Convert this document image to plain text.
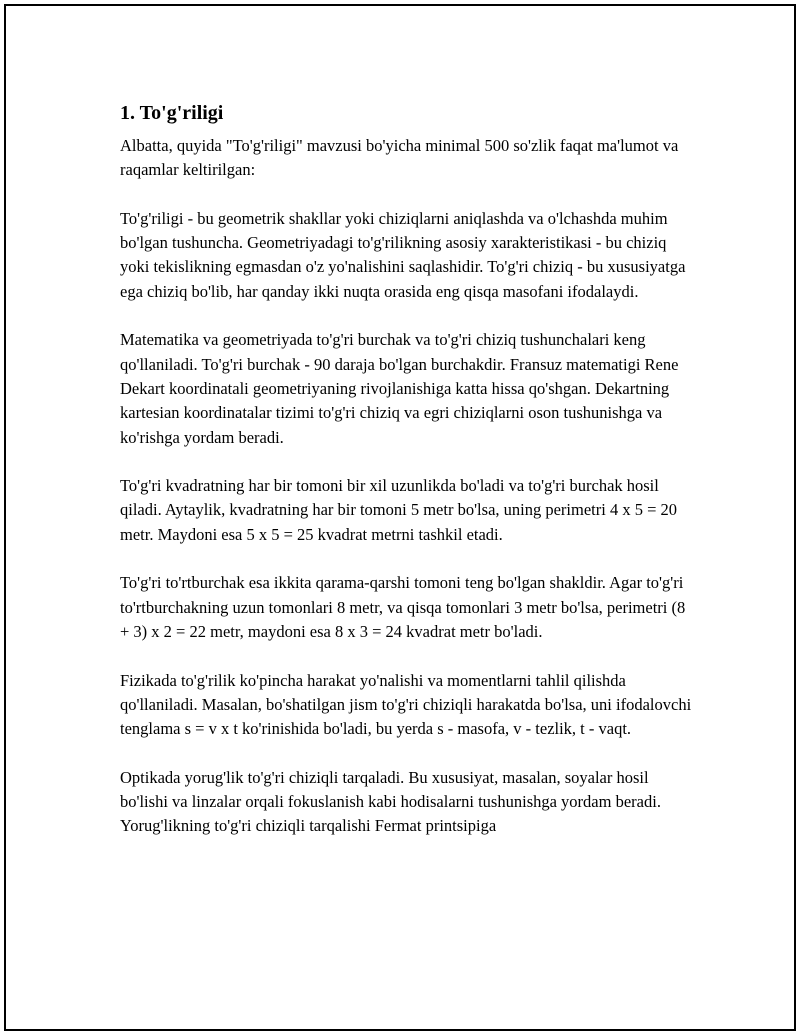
1. To'g'riligi

Albatta, quyida "To'g'riligi" mavzusi bo'yicha minimal 500 so'zlik faqat ma'lumot va raqamlar keltirilgan:

To'g'riligi - bu geometrik shakllar yoki chiziqlarni aniqlashda va o'lchashda muhim bo'lgan tushuncha. Geometriyadagi to'g'rilikning asosiy xarakteristikasi - bu chiziq yoki tekislikning egmasdan o'z yo'nalishini saqlashidir. To'g'ri chiziq - bu xususiyatga ega chiziq bo'lib, har qanday ikki nuqta orasida eng qisqa masofani ifodalaydi.

Matematika va geometriyada to'g'ri burchak va to'g'ri chiziq tushunchalari keng qo'llaniladi. To'g'ri burchak - 90 daraja bo'lgan burchakdir. Fransuz matematigi Rene Dekart koordinatali geometriyaning rivojlanishiga katta hissa qo'shgan. Dekartning kartesian koordinatalar tizimi to'g'ri chiziq va egri chiziqlarni oson tushunishga va ko'rishga yordam beradi.

To'g'ri kvadratning har bir tomoni bir xil uzunlikda bo'ladi va to'g'ri burchak hosil qiladi. Aytaylik, kvadratning har bir tomoni 5 metr bo'lsa, uning perimetri 4 x 5 = 20 metr. Maydoni esa 5 x 5 = 25 kvadrat metrni tashkil etadi.

To'g'ri to'rtburchak esa ikkita qarama-qarshi tomoni teng bo'lgan shakldir. Agar to'g'ri to'rtburchakning uzun tomonlari 8 metr, va qisqa tomonlari 3 metr bo'lsa, perimetri (8 + 3) x 2 = 22 metr, maydoni esa 8 x 3 = 24 kvadrat metr bo'ladi.

Fizikada to'g'rilik ko'pincha harakat yo'nalishi va momentlarni tahlil qilishda qo'llaniladi. Masalan, bo'shatilgan jism to'g'ri chiziqli harakatda bo'lsa, uni ifodalovchi tenglama s = v x t ko'rinishida bo'ladi, bu yerda s - masofa, v - tezlik, t - vaqt.

Optikada yorug'lik to'g'ri chiziqli tarqaladi. Bu xususiyat, masalan, soyalar hosil bo'lishi va linzalar orqali fokuslanish kabi hodisalarni tushunishga yordam beradi. Yorug'likning to'g'ri chiziqli tarqalishi Fermat printsipiga
